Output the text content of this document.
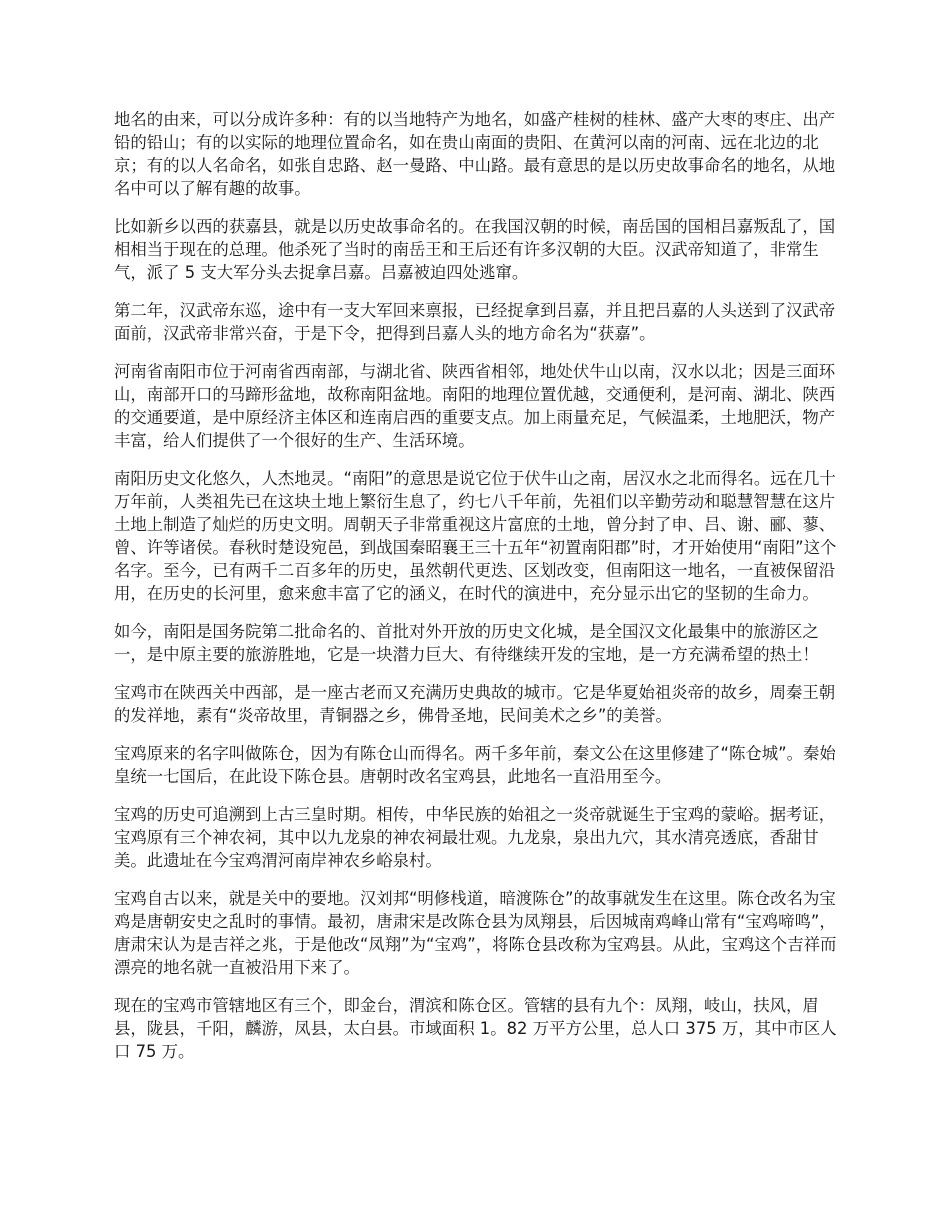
地名的由来，可以分成许多种：有的以当地特产为地名，如盛产桂树的桂林、盛产大枣的枣庄、出产铅的铅山；有的以实际的地理位置命名，如在贵山南面的贵阳、在黄河以南的河南、远在北边的北京；有的以人名命名，如张自忠路、赵一曼路、中山路。最有意思的是以历史故事命名的地名，从地名中可以了解有趣的故事。

比如新乡以西的获嘉县，就是以历史故事命名的。在我国汉朝的时候，南岳国的国相吕嘉叛乱了，国相相当于现在的总理。他杀死了当时的南岳王和王后还有许多汉朝的大臣。汉武帝知道了，非常生气，派了 5 支大军分头去捉拿吕嘉。吕嘉被迫四处逃窜。

第二年，汉武帝东巡，途中有一支大军回来禀报，已经捉拿到吕嘉，并且把吕嘉的人头送到了汉武帝面前，汉武帝非常兴奋，于是下令，把得到吕嘉人头的地方命名为“获嘉”。

河南省南阳市位于河南省西南部，与湖北省、陕西省相邻，地处伏牛山以南，汉水以北；因是三面环山，南部开口的马蹄形盆地，故称南阳盆地。南阳的地理位置优越，交通便利，是河南、湖北、陕西的交通要道，是中原经济主体区和连南启西的重要支点。加上雨量充足，气候温柔，土地肥沃，物产丰富，给人们提供了一个很好的生产、生活环境。

南阳历史文化悠久，人杰地灵。“南阳”的意思是说它位于伏牛山之南，居汉水之北而得名。远在几十万年前，人类祖先已在这块土地上繁衍生息了，约七八千年前，先祖们以辛勤劳动和聪慧智慧在这片土地上制造了灿烂的历史文明。周朝天子非常重视这片富庶的土地，曾分封了申、吕、谢、郦、蓼、曾、许等诸侯。春秋时楚设宛邑，到战国秦昭襄王三十五年“初置南阳郡”时，才开始使用“南阳”这个名字。至今，已有两千二百多年的历史，虽然朝代更迭、区划改变，但南阳这一地名，一直被保留沿用，在历史的长河里，愈来愈丰富了它的涵义，在时代的演进中，充分显示出它的坚韧的生命力。

如今，南阳是国务院第二批命名的、首批对外开放的历史文化城，是全国汉文化最集中的旅游区之一，是中原主要的旅游胜地，它是一块潜力巨大、有待继续开发的宝地，是一方充满希望的热土！

宝鸡市在陕西关中西部，是一座古老而又充满历史典故的城市。它是华夏始祖炎帝的故乡，周秦王朝的发祥地，素有“炎帝故里，青铜器之乡，佛骨圣地，民间美术之乡”的美誉。

宝鸡原来的名字叫做陈仓，因为有陈仓山而得名。两千多年前，秦文公在这里修建了“陈仓城”。秦始皇统一七国后，在此设下陈仓县。唐朝时改名宝鸡县，此地名一直沿用至今。

宝鸡的历史可追溯到上古三皇时期。相传，中华民族的始祖之一炎帝就诞生于宝鸡的蒙峪。据考证，宝鸡原有三个神农祠，其中以九龙泉的神农祠最壮观。九龙泉，泉出九穴，其水清亮透底，香甜甘美。此遗址在今宝鸡渭河南岸神农乡峪泉村。

宝鸡自古以来，就是关中的要地。汉刘邦“明修栈道，暗渡陈仓”的故事就发生在这里。陈仓改名为宝鸡是唐朝安史之乱时的事情。最初，唐肃宋是改陈仓县为凤翔县，后因城南鸡峰山常有“宝鸡啼鸣”，唐肃宋认为是吉祥之兆，于是他改“凤翔”为“宝鸡”，将陈仓县改称为宝鸡县。从此，宝鸡这个吉祥而漂亮的地名就一直被沿用下来了。

现在的宝鸡市管辖地区有三个，即金台，渭滨和陈仓区。管辖的县有九个：凤翔，岐山，扶风，眉县，陇县，千阳，麟游，凤县，太白县。市域面积 1。82 万平方公里，总人口 375 万，其中市区人口 75 万。
